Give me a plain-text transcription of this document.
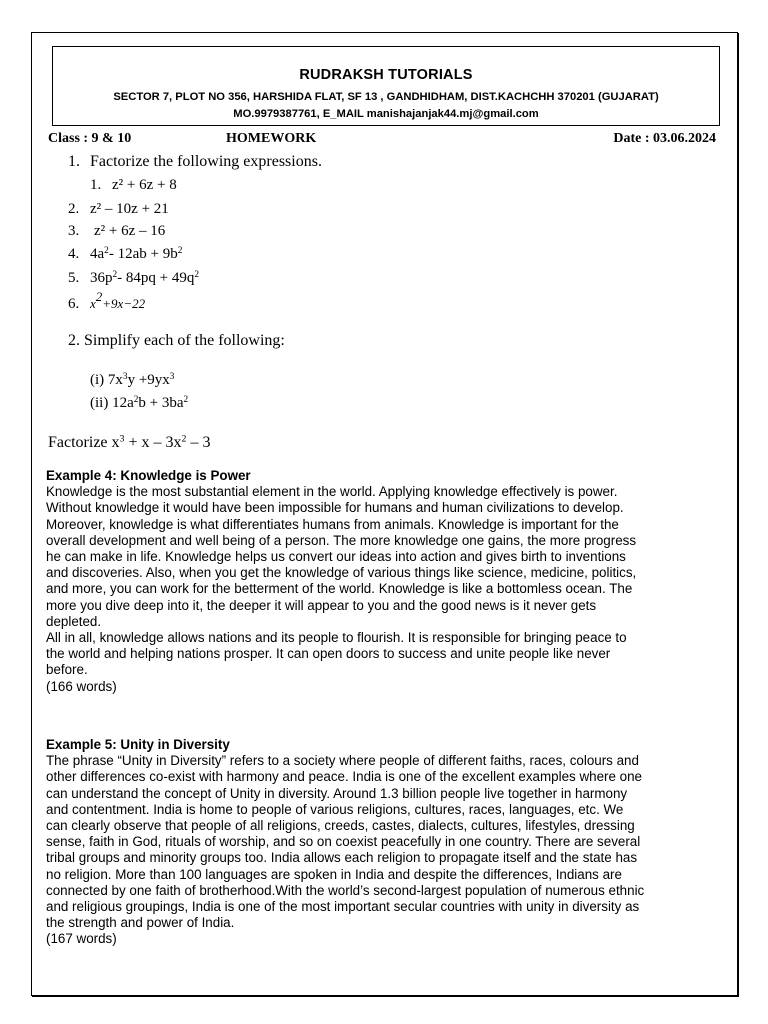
RUDRAKSH TUTORIALS
SECTOR 7, PLOT NO 356, HARSHIDA FLAT, SF 13 , GANDHIDHAM, DIST.KACHCHH 370201 (GUJARAT)
MO.9979387761, E_MAIL manishajanjak44.mj@gmail.com
Class : 9 & 10	HOMEWORK	Date : 03.06.2024
1. Factorize the following expressions.
1. z² + 6z + 8
2. z² – 10z + 21
3. z² + 6z – 16
4. $4a^2-$ $12ab + 9b^2$
5. $36p^2-$ $84pq + 49q^2$
6. $x^2+9x-22$
2. Simplify each of the following:
(i) $7x^3y +9yx^3$
(ii) $12a^2b + 3ba^2$
Factorize $x^3 + x - 3x^2 - 3$
Example 4: Knowledge is Power
Knowledge is the most substantial element in the world. Applying knowledge effectively is power.
Without knowledge it would have been impossible for humans and human civilizations to develop.
Moreover, knowledge is what differentiates humans from animals. Knowledge is important for the
overall development and well being of a person. The more knowledge one gains, the more progress
he can make in life. Knowledge helps us convert our ideas into action and gives birth to inventions
and discoveries. Also, when you get the knowledge of various things like science, medicine, politics,
and more, you can work for the betterment of the world. Knowledge is like a bottomless ocean. The
more you dive deep into it, the deeper it will appear to you and the good news is it never gets
depleted.
All in all, knowledge allows nations and its people to flourish. It is responsible for bringing peace to
the world and helping nations prosper. It can open doors to success and unite people like never
before.
(166 words)
Example 5: Unity in Diversity
The phrase “Unity in Diversity” refers to a society where people of different faiths, races, colours and
other differences co-exist with harmony and peace. India is one of the excellent examples where one
can understand the concept of Unity in diversity. Around 1.3 billion people live together in harmony
and contentment. India is home to people of various religions, cultures, races, languages, etc. We
can clearly observe that people of all religions, creeds, castes, dialects, cultures, lifestyles, dressing
sense, faith in God, rituals of worship, and so on coexist peacefully in one country. There are several
tribal groups and minority groups too. India allows each religion to propagate itself and the state has
no religion. More than 100 languages are spoken in India and despite the differences, Indians are
connected by one faith of brotherhood.With the world’s second-largest population of numerous ethnic
and religious groupings, India is one of the most important secular countries with unity in diversity as
the strength and power of India.
(167 words)
